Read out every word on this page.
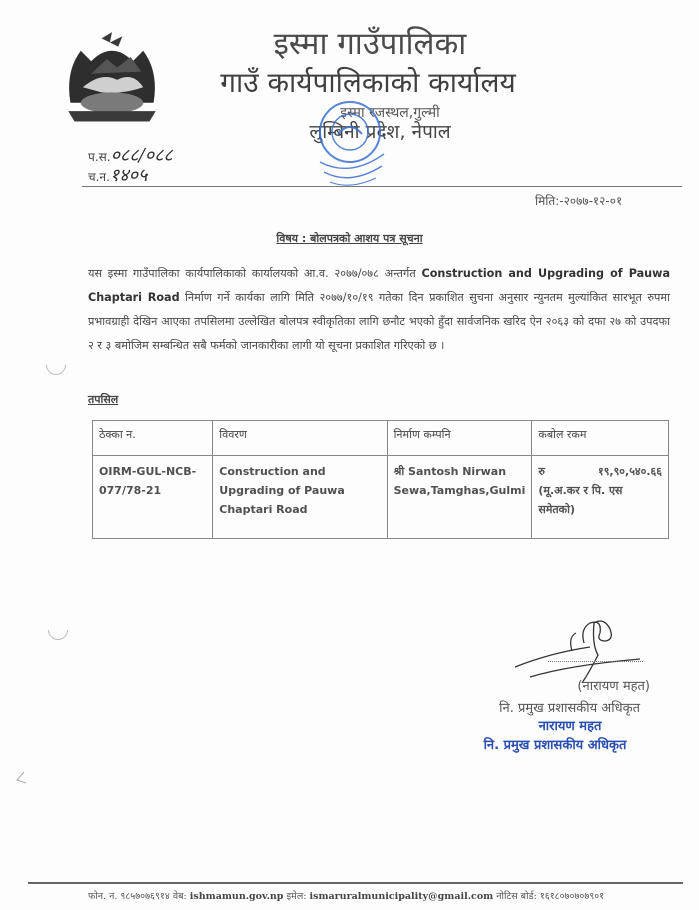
इस्मा गाउँपालिका
गाउँ कार्यपालिकाको कार्यालय
इस्मा रजस्थल,गुल्मी
लुम्बिनी प्रदेश, नेपाल
प.स.०८८/०८८
च.न.१४०५
मिति:-२०७७-१२-०१
विषय : बोलपत्रको आशय पत्र सूचना
यस इस्मा गाउँपालिका कार्यपालिकाको कार्यालयको आ.व. २०७७/०७८ अन्तर्गत Construction and Upgrading of Pauwa Chaptari Road निर्माण गर्ने कार्यका लागि मिति २०७७/१०/१९ गतेका दिन प्रकाशित सुचना अनुसार न्युनतम मुल्यांकित सारभूत रुपमा प्रभावग्राही देखिन आएका तपसिलमा उल्लेखित बोलपत्र स्वीकृतिका लागि छनौट भएको हुँदा सार्वजनिक खरिद ऐन २०६३ को दफा २७ को उपदफा २ र ३ बमोजिम सम्बन्धित सबै फर्मको जानकारीका लागी यो सूचना प्रकाशित गरिएको छ ।
तपसिल
ठेक्का न.	विवरण	निर्माण कम्पनि	कबोल रकम
OIRM-GUL-NCB-077/78-21	Construction and Upgrading of Pauwa Chaptari Road	श्री Santosh Nirwan Sewa,Tamghas,Gulmi	रु १९,९०,५४०.६६
(मू.अ.कर र पि. एस समेतको)
(नारायण महत)
नि. प्रमुख प्रशासकीय अधिकृत
नारायण महत
नि. प्रमुख प्रशासकीय अधिकृत
फोन. न. ९८५७०७६९१४ वेब: ishmamun.gov.np इमेल: ismaruralmunicipality@gmail.com नोटिस बोर्ड: १६१८०७०७०७९०१
